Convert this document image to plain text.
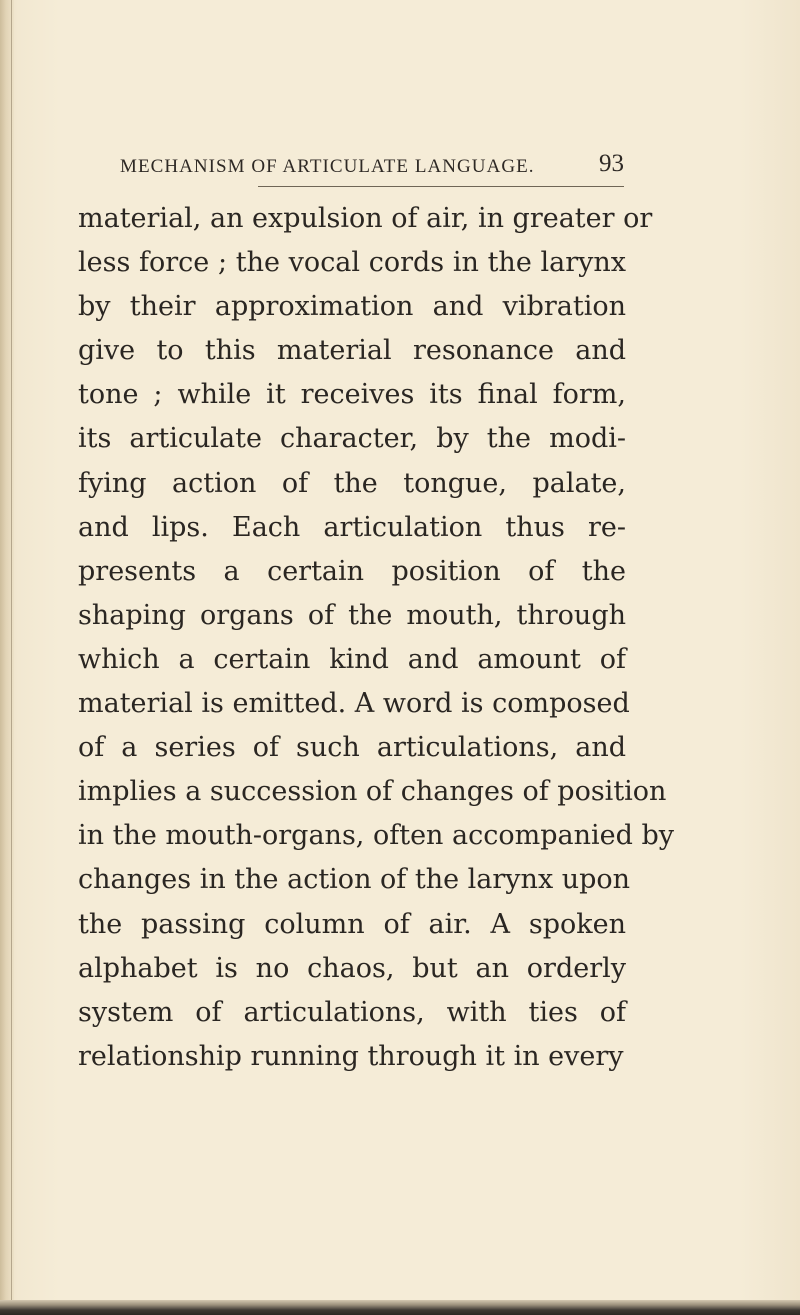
MECHANISM OF ARTICULATE LANGUAGE.	93
material, an expulsion of air, in greater or
less force ; the vocal cords in the larynx
by their approximation and vibration
give to this material resonance and
tone ; while it receives its final form,
its articulate character, by the modi-
fying action of the tongue, palate,
and lips. Each articulation thus re-
presents a certain position of the
shaping organs of the mouth, through
which a certain kind and amount of
material is emitted. A word is composed
of a series of such articulations, and
implies a succession of changes of position
in the mouth-organs, often accompanied by
changes in the action of the larynx upon
the passing column of air. A spoken
alphabet is no chaos, but an orderly
system of articulations, with ties of
relationship running through it in every
